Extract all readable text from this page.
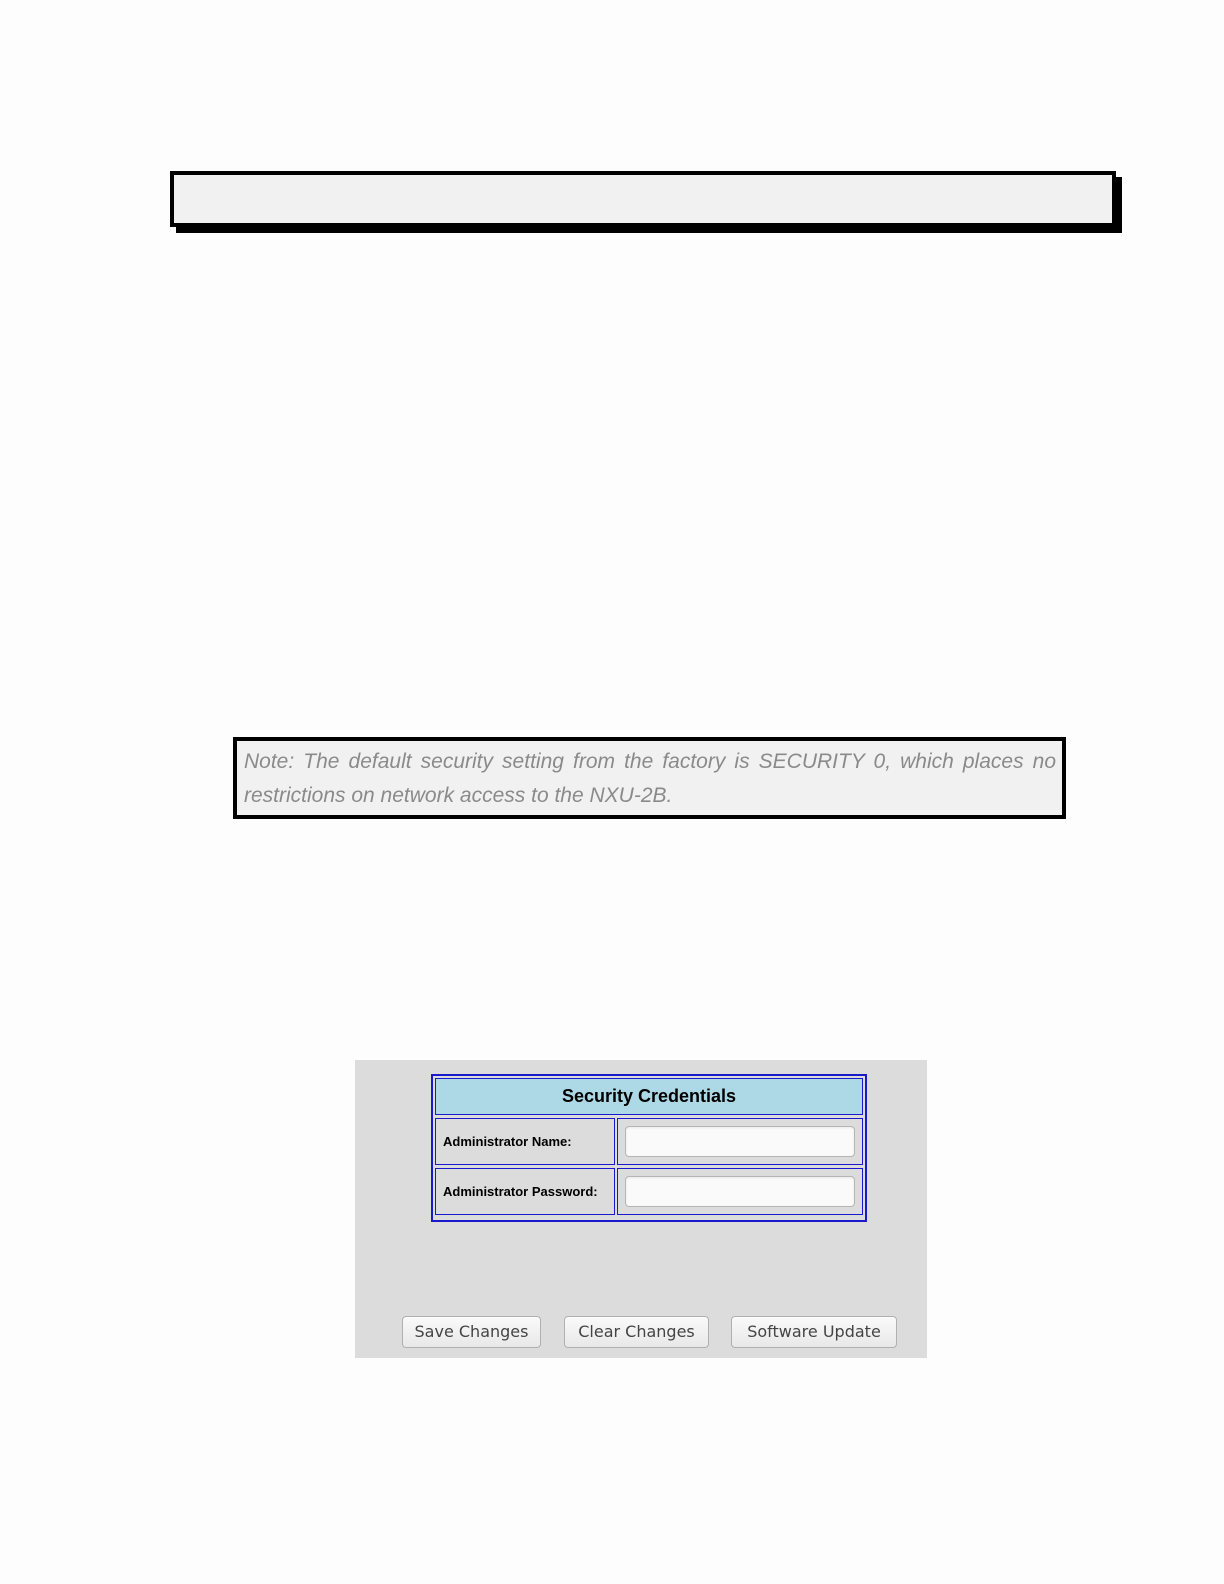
Note: The default security setting from the factory is SECURITY 0, which places no restrictions on network access to the NXU-2B.

Security Credentials
Administrator Name:
Administrator Password:
Save Changes	Clear Changes	Software Update
